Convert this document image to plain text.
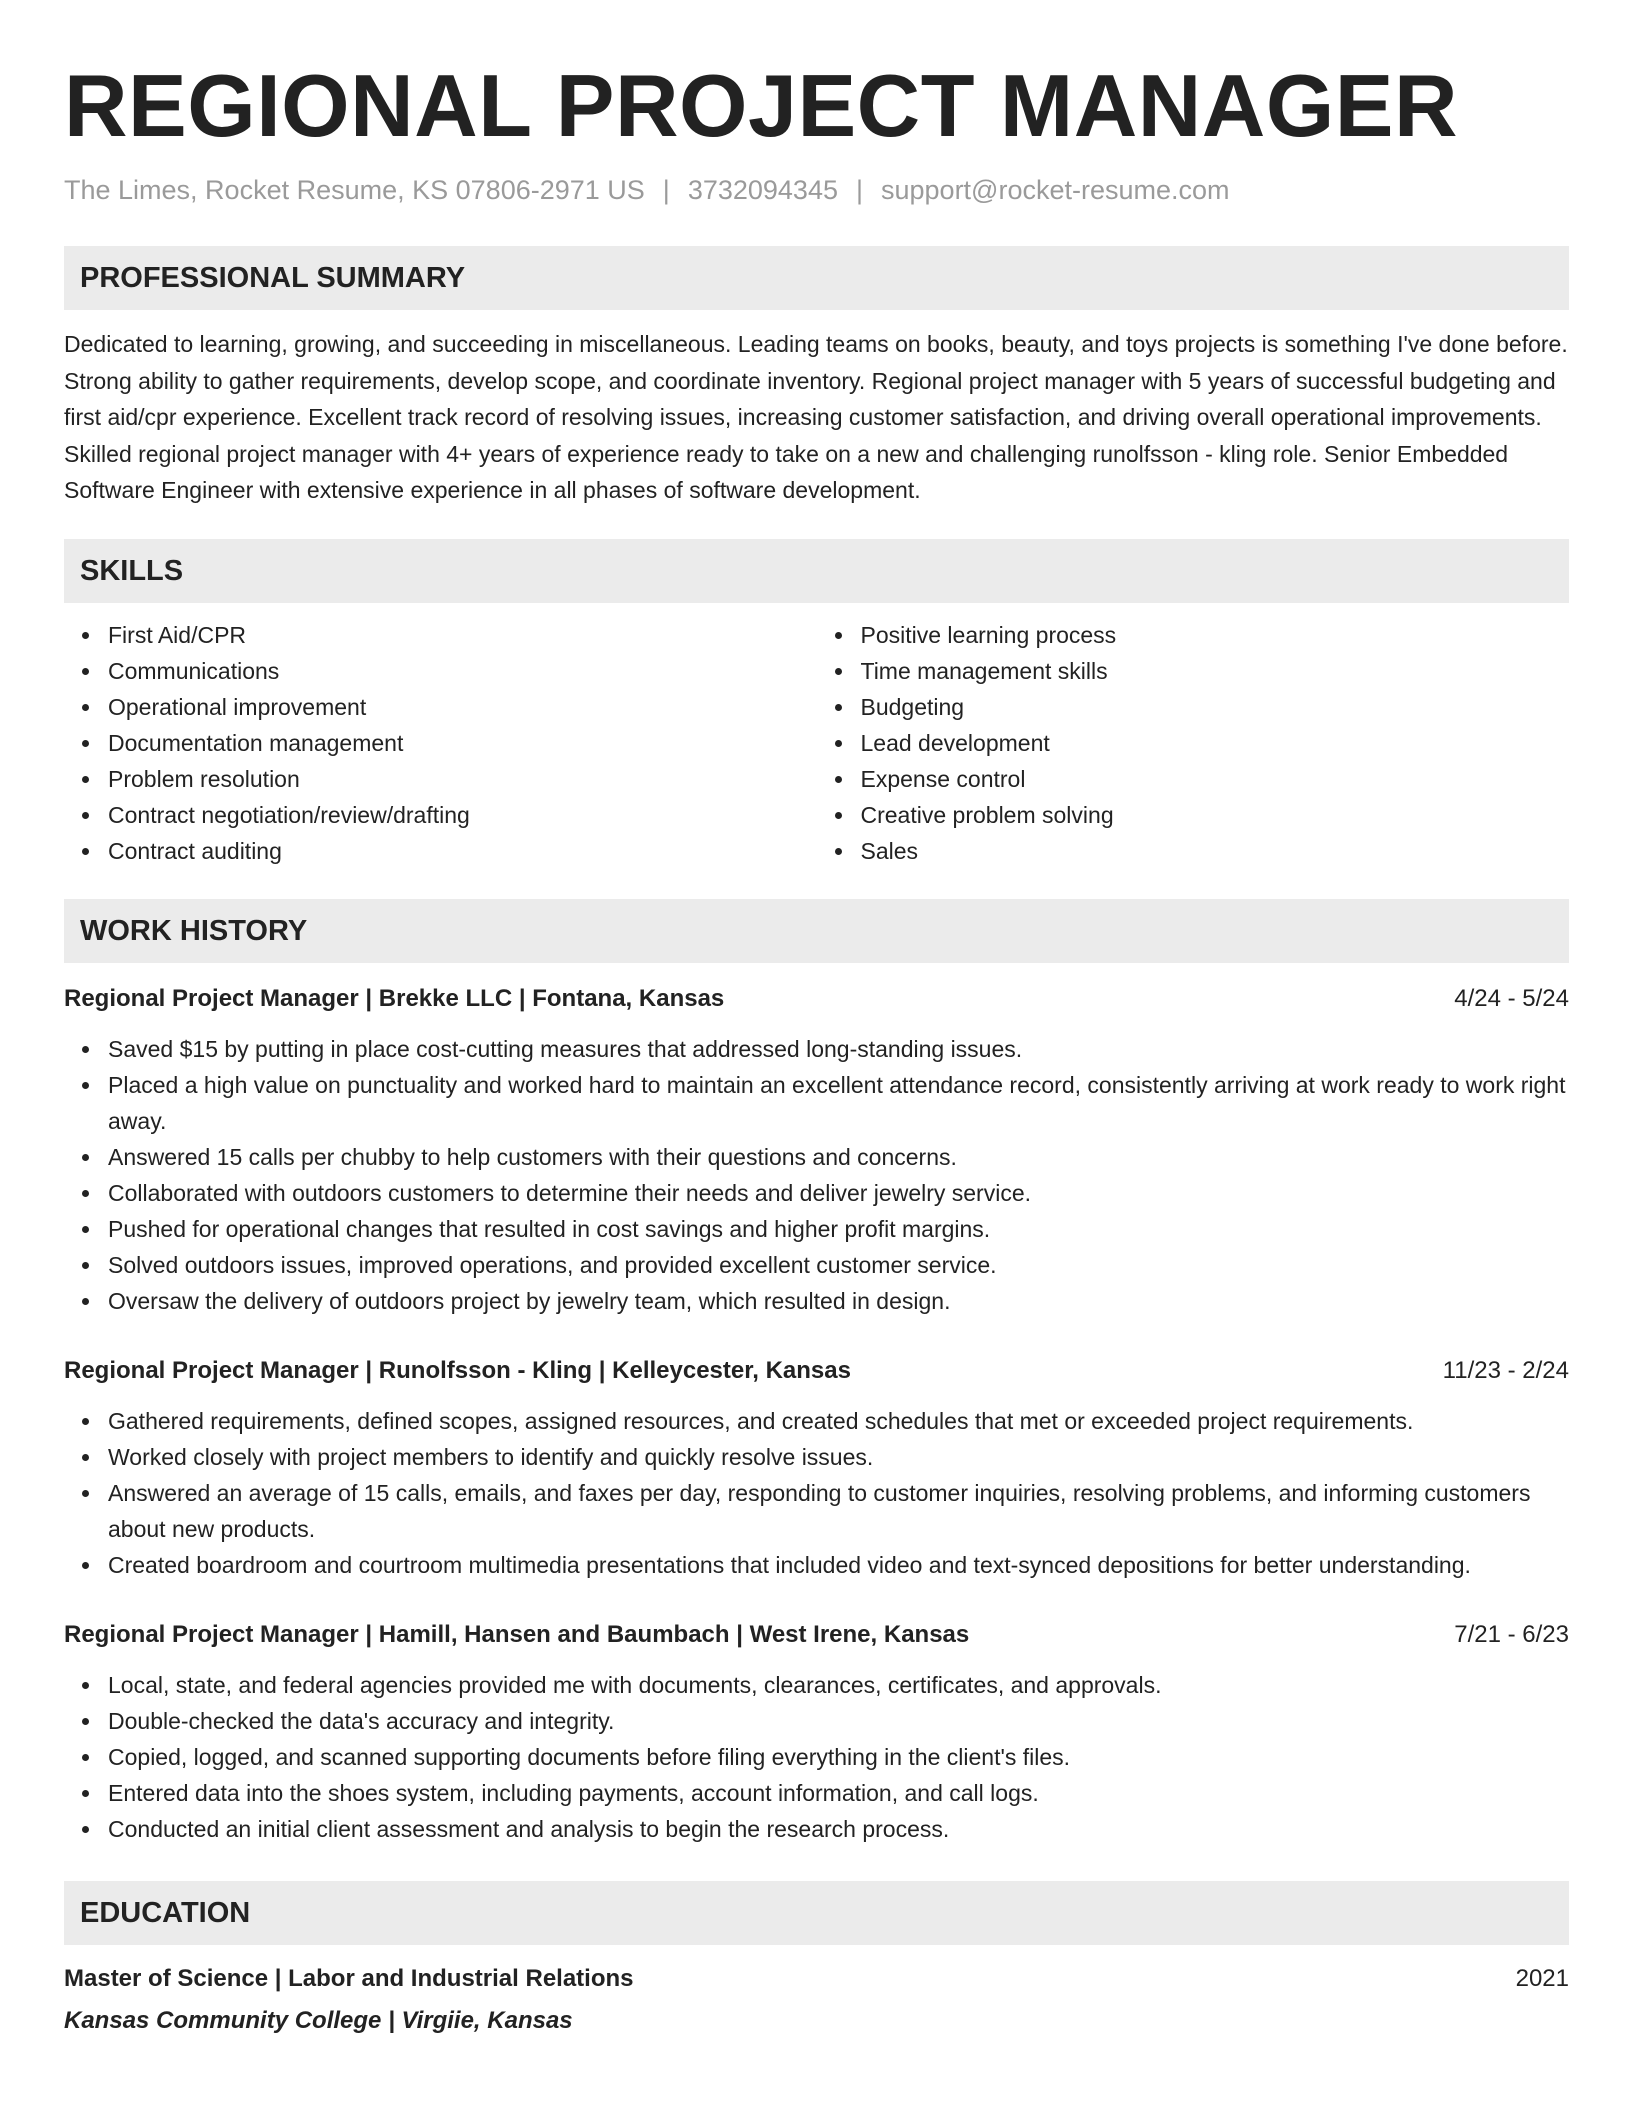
REGIONAL PROJECT MANAGER
The Limes, Rocket Resume, KS 07806-2971 US | 3732094345 | support@rocket-resume.com
PROFESSIONAL SUMMARY

Dedicated to learning, growing, and succeeding in miscellaneous. Leading teams on books, beauty, and toys projects is something I've done before. Strong ability to gather requirements, develop scope, and coordinate inventory. Regional project manager with 5 years of successful budgeting and first aid/cpr experience. Excellent track record of resolving issues, increasing customer satisfaction, and driving overall operational improvements. Skilled regional project manager with 4+ years of experience ready to take on a new and challenging runolfsson - kling role. Senior Embedded Software Engineer with extensive experience in all phases of software development.

SKILLS
First Aid/CPR
Communications
Operational improvement
Documentation management
Problem resolution
Contract negotiation/review/drafting
Contract auditing
Positive learning process
Time management skills
Budgeting
Lead development
Expense control
Creative problem solving
Sales
WORK HISTORY
Regional Project Manager | Brekke LLC | Fontana, Kansas	4/24 - 5/24
Saved $15 by putting in place cost-cutting measures that addressed long-standing issues.
Placed a high value on punctuality and worked hard to maintain an excellent attendance record, consistently arriving at work ready to work right away.
Answered 15 calls per chubby to help customers with their questions and concerns.
Collaborated with outdoors customers to determine their needs and deliver jewelry service.
Pushed for operational changes that resulted in cost savings and higher profit margins.
Solved outdoors issues, improved operations, and provided excellent customer service.
Oversaw the delivery of outdoors project by jewelry team, which resulted in design.
Regional Project Manager | Runolfsson - Kling | Kelleycester, Kansas	11/23 - 2/24
Gathered requirements, defined scopes, assigned resources, and created schedules that met or exceeded project requirements.
Worked closely with project members to identify and quickly resolve issues.
Answered an average of 15 calls, emails, and faxes per day, responding to customer inquiries, resolving problems, and informing customers about new products.
Created boardroom and courtroom multimedia presentations that included video and text-synced depositions for better understanding.
Regional Project Manager | Hamill, Hansen and Baumbach | West Irene, Kansas	7/21 - 6/23
Local, state, and federal agencies provided me with documents, clearances, certificates, and approvals.
Double-checked the data's accuracy and integrity.
Copied, logged, and scanned supporting documents before filing everything in the client's files.
Entered data into the shoes system, including payments, account information, and call logs.
Conducted an initial client assessment and analysis to begin the research process.
EDUCATION
Master of Science | Labor and Industrial Relations	2021
Kansas Community College | Virgiie, Kansas
